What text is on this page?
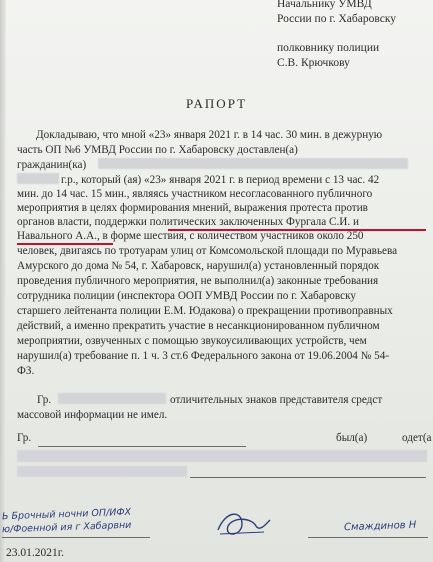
Начальнику УМВД
России по г. Хабаровску
полковнику полиции
С.В. Крючкову
РАПОРТ
Докладываю, что мной «23» января 2021 г. в 14 час. 30 мин. в дежурную
часть ОП №6 УМВД России по г. Хабаровску доставлен(а)
гражданин(ка)
г.р., который (ая) «23» января 2021 г. в период времени с 13 час. 42
мин. до 14 час. 15 мин., являясь участником несогласованного публичного
мероприятия в целях формирования мнений, выражения протеста против
органов власти, поддержки политических заключенных Фургала С.И. и
Навального А.А., в форме шествия, с количеством участников около 250
человек, двигаясь по тротуарам улиц от Комсомольской площади по Муравьева
Амурского до дома № 54, г. Хабаровск, нарушил(а) установленный порядок
проведения публичного мероприятия, не выполнил(а) законные требования
сотрудника полиции (инспектора ООП УМВД России по г. Хабаровску
старшего лейтенанта полиции Е.М. Юдакова) о прекращении противоправных
действий, а именно прекратить участие в несанкционированном публичном
мероприятии, озвученных с помощью звукоусиливающих устройств, чем
нарушил(а) требование п. 1 ч. 3 ст.6 Федерального закона от 19.06.2004 № 54-
ФЗ.
Гр.	отличительных знаков представителя средст
массовой информации не имел.
Гр.	был(а)	одет(а
Ь Брочный ночни ОП/ИФХ
ю/Фоенной ия г Хабарвни	Смаждинов Н
23.01.2021г.
